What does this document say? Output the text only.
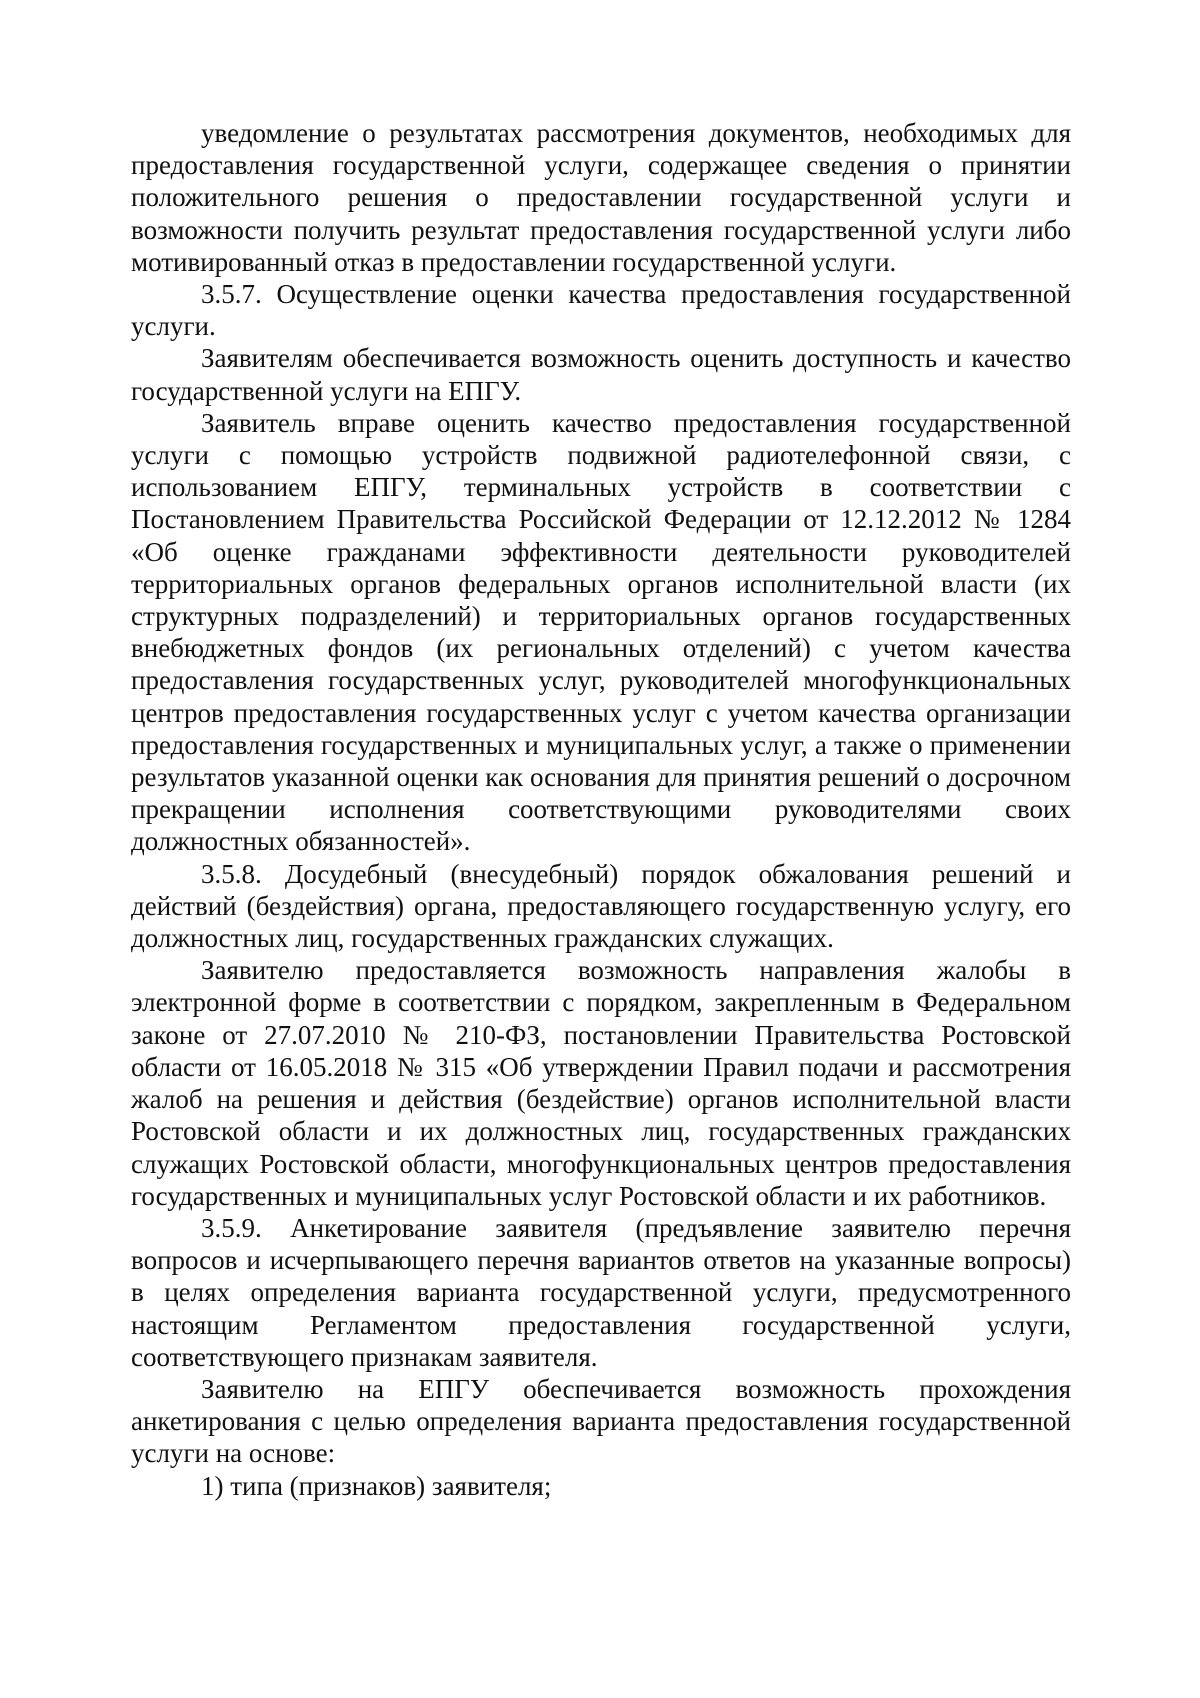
уведомление о результатах рассмотрения документов, необходимых для предоставления государственной услуги, содержащее сведения о принятии положительного решения о предоставлении государственной услуги и возможности получить результат предоставления государственной услуги либо мотивированный отказ в предоставлении государственной услуги.

3.5.7. Осуществление оценки качества предоставления государственной услуги.

Заявителям обеспечивается возможность оценить доступность и качество государственной услуги на ЕПГУ.

Заявитель вправе оценить качество предоставления государственной услуги с помощью устройств подвижной радиотелефонной связи, с использованием ЕПГУ, терминальных устройств в соответствии с Постановлением Правительства Российской Федерации от 12.12.2012 № 1284 «Об оценке гражданами эффективности деятельности руководителей территориальных органов федеральных органов исполнительной власти (их структурных подразделений) и территориальных органов государственных внебюджетных фондов (их региональных отделений) с учетом качества предоставления государственных услуг, руководителей многофункциональных центров предоставления государственных услуг с учетом качества организации предоставления государственных и муниципальных услуг, а также о применении результатов указанной оценки как основания для принятия решений о досрочном прекращении исполнения соответствующими руководителями своих должностных обязанностей».

3.5.8. Досудебный (внесудебный) порядок обжалования решений и действий (бездействия) органа, предоставляющего государственную услугу, его должностных лиц, государственных гражданских служащих.

Заявителю предоставляется возможность направления жалобы в электронной форме в соответствии с порядком, закрепленным в Федеральном законе от 27.07.2010 № 210-ФЗ, постановлении Правительства Ростовской области от 16.05.2018 № 315 «Об утверждении Правил подачи и рассмотрения жалоб на решения и действия (бездействие) органов исполнительной власти Ростовской области и их должностных лиц, государственных гражданских служащих Ростовской области, многофункциональных центров предоставления государственных и муниципальных услуг Ростовской области и их работников.

3.5.9. Анкетирование заявителя (предъявление заявителю перечня вопросов и исчерпывающего перечня вариантов ответов на указанные вопросы) в целях определения варианта государственной услуги, предусмотренного настоящим Регламентом предоставления государственной услуги, соответствующего признакам заявителя.

Заявителю на ЕПГУ обеспечивается возможность прохождения анкетирования с целью определения варианта предоставления государственной услуги на основе:

1) типа (признаков) заявителя;
